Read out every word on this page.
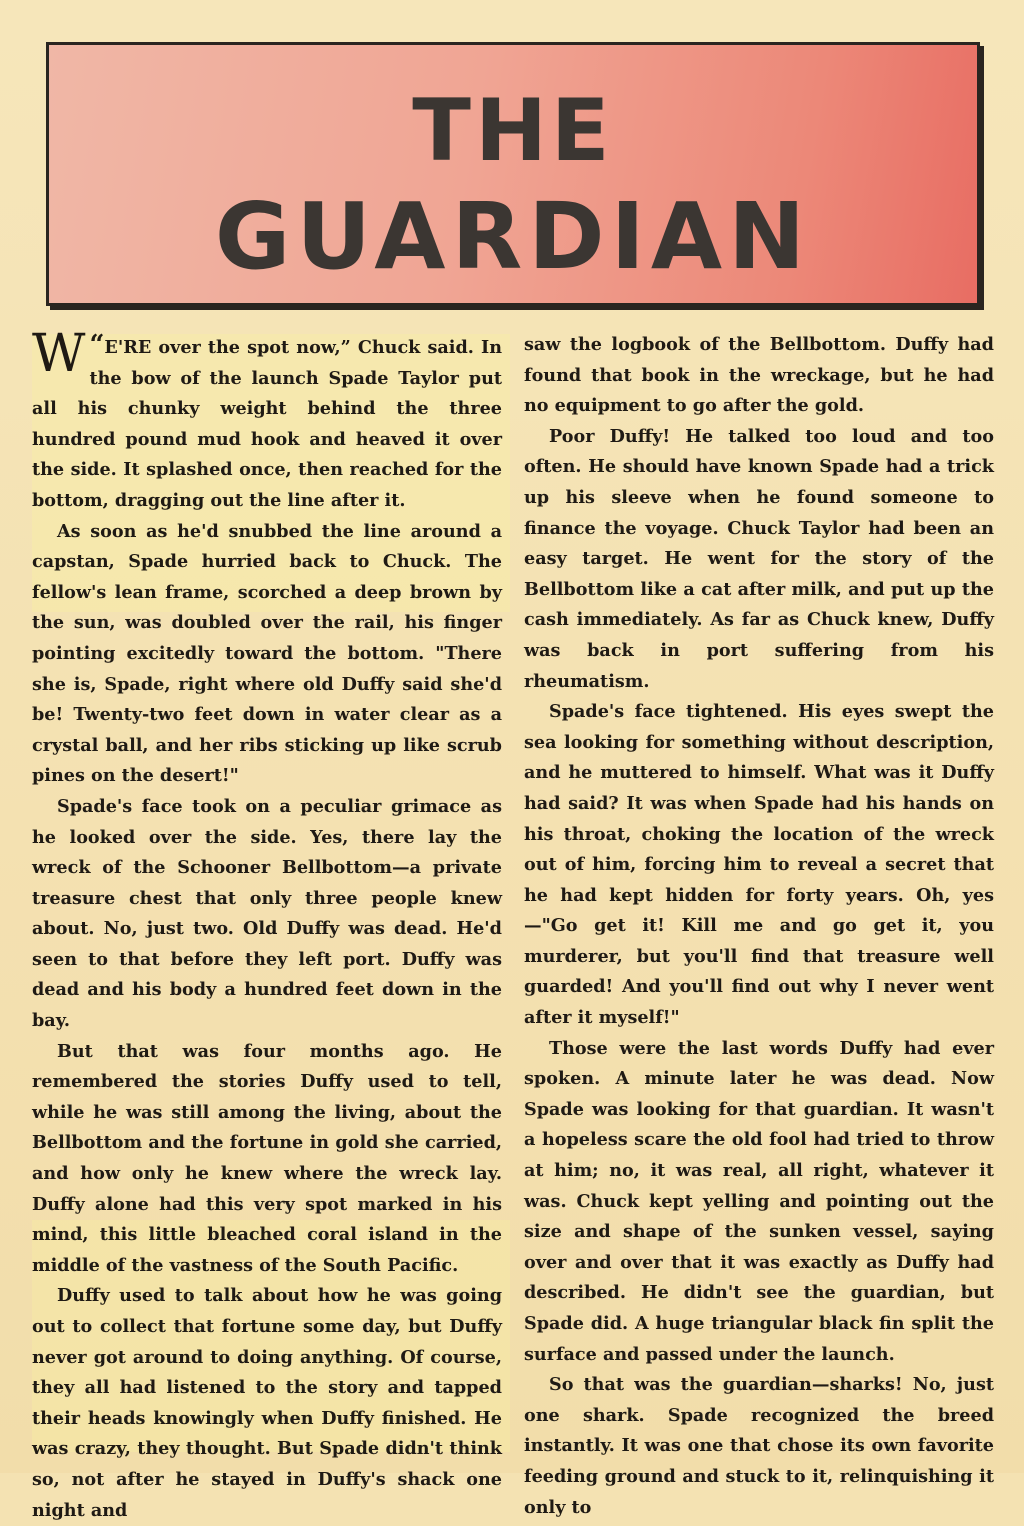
THE
GUARDIAN

“
W E'RE over the spot now,” Chuck said. In the bow of the launch Spade Taylor put all his chunky weight behind the three hundred pound mud hook and heaved it over the side. It splashed once, then reached for the bottom, dragging out the line after it.

As soon as he'd snubbed the line around a capstan, Spade hurried back to Chuck. The fellow's lean frame, scorched a deep brown by the sun, was doubled over the rail, his finger pointing excitedly toward the bottom. "There she is, Spade, right where old Duffy said she'd be! Twenty-two feet down in water clear as a crystal ball, and her ribs sticking up like scrub pines on the desert!"

Spade's face took on a peculiar grimace as he looked over the side. Yes, there lay the wreck of the Schooner Bellbottom—a private treasure chest that only three people knew about. No, just two. Old Duffy was dead. He'd seen to that before they left port. Duffy was dead and his body a hundred feet down in the bay.

But that was four months ago. He remembered the stories Duffy used to tell, while he was still among the living, about the Bellbottom and the fortune in gold she carried, and how only he knew where the wreck lay. Duffy alone had this very spot marked in his mind, this little bleached coral island in the middle of the vastness of the South Pacific.

Duffy used to talk about how he was going out to collect that fortune some day, but Duffy never got around to doing anything. Of course, they all had listened to the story and tapped their heads knowingly when Duffy finished. He was crazy, they thought. But Spade didn't think so, not after he stayed in Duffy's shack one night and

saw the logbook of the Bellbottom. Duffy had found that book in the wreckage, but he had no equipment to go after the gold.

Poor Duffy! He talked too loud and too often. He should have known Spade had a trick up his sleeve when he found someone to finance the voyage. Chuck Taylor had been an easy target. He went for the story of the Bellbottom like a cat after milk, and put up the cash immediately. As far as Chuck knew, Duffy was back in port suffering from his rheumatism.

Spade's face tightened. His eyes swept the sea looking for something without description, and he muttered to himself. What was it Duffy had said? It was when Spade had his hands on his throat, choking the location of the wreck out of him, forcing him to reveal a secret that he had kept hidden for forty years. Oh, yes—"Go get it! Kill me and go get it, you murderer, but you'll find that treasure well guarded! And you'll find out why I never went after it myself!"

Those were the last words Duffy had ever spoken. A minute later he was dead. Now Spade was looking for that guardian. It wasn't a hopeless scare the old fool had tried to throw at him; no, it was real, all right, whatever it was. Chuck kept yelling and pointing out the size and shape of the sunken vessel, saying over and over that it was exactly as Duffy had described. He didn't see the guardian, but Spade did. A huge triangular black fin split the surface and passed under the launch.

So that was the guardian—sharks! No, just one shark. Spade recognized the breed instantly. It was one that chose its own favorite feeding ground and stuck to it, relinquishing it only to
